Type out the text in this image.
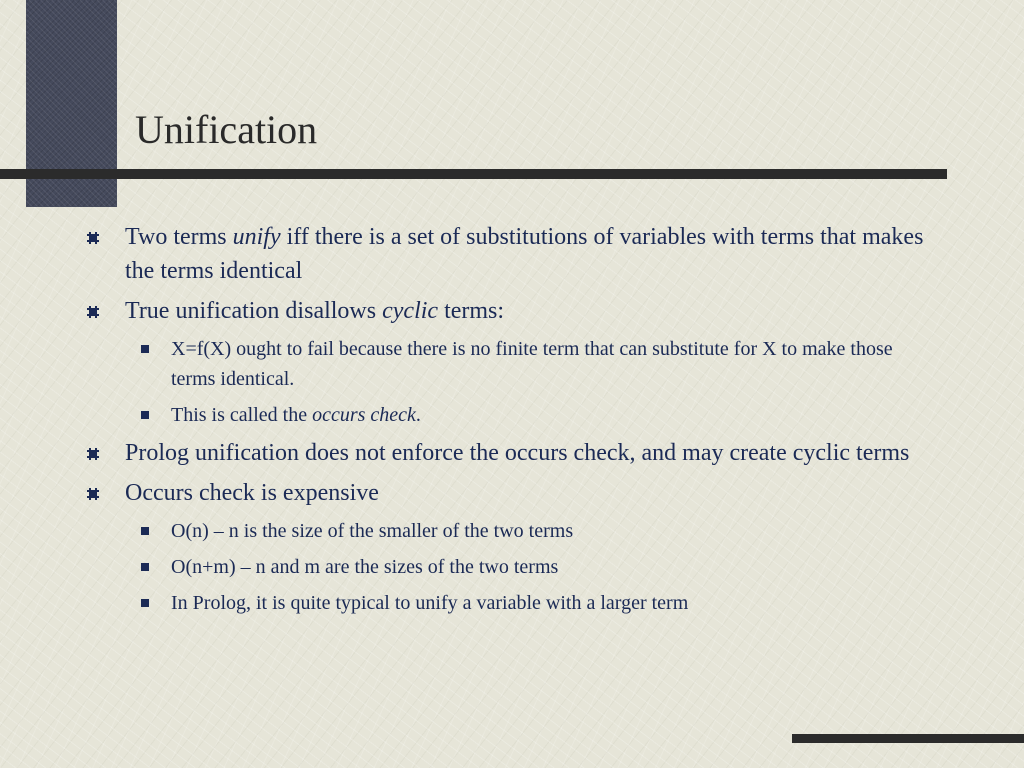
Unification
Two terms unify iff there is a set of substitutions of variables with terms that makes the terms identical
True unification disallows cyclic terms:
X=f(X) ought to fail because there is no finite term that can substitute for X to make those terms identical.
This is called the occurs check.
Prolog unification does not enforce the occurs check, and may create cyclic terms
Occurs check is expensive
O(n) – n is the size of the smaller of the two terms
O(n+m) – n and m are the sizes of the two terms
In Prolog, it is quite typical to unify a variable with a larger term
